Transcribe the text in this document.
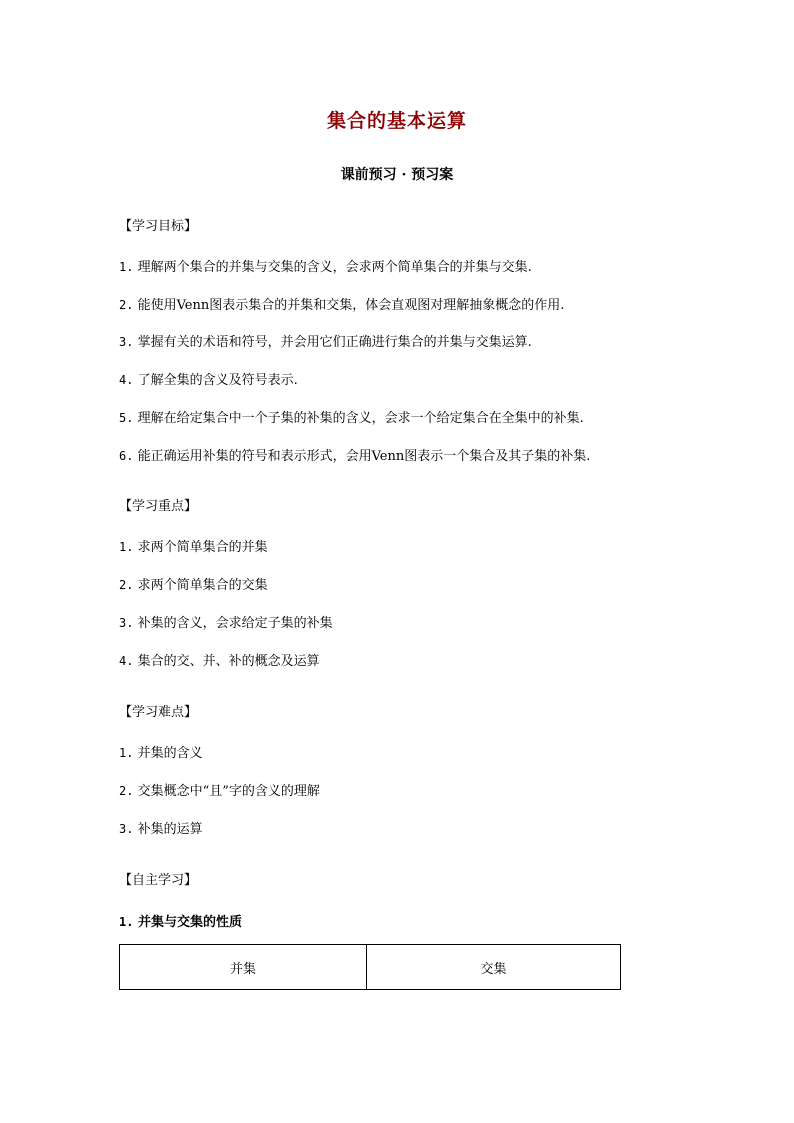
集合的基本运算
课前预习 · 预习案
【学习目标】
1. 理解两个集合的并集与交集的含义，会求两个简单集合的并集与交集.
2. 能使用Venn图表示集合的并集和交集，体会直观图对理解抽象概念的作用.
3. 掌握有关的术语和符号，并会用它们正确进行集合的并集与交集运算.
4. 了解全集的含义及符号表示.
5. 理解在给定集合中一个子集的补集的含义，会求一个给定集合在全集中的补集.
6. 能正确运用补集的符号和表示形式，会用Venn图表示一个集合及其子集的补集.
【学习重点】
1. 求两个简单集合的并集
2. 求两个简单集合的交集
3. 补集的含义，会求给定子集的补集
4. 集合的交、并、补的概念及运算
【学习难点】
1. 并集的含义
2. 交集概念中“且”字的含义的理解
3. 补集的运算
【自主学习】
1. 并集与交集的性质
并集	交集
